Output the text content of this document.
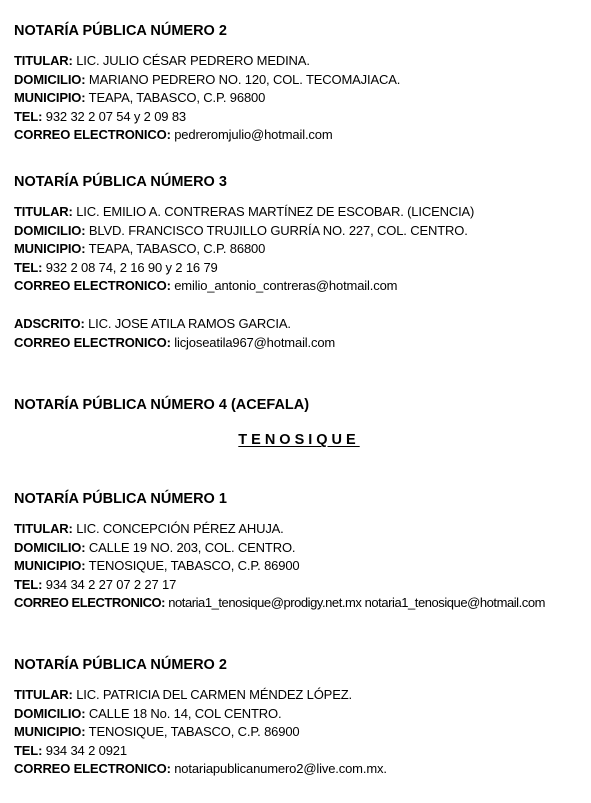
NOTARÍA PÚBLICA NÚMERO 2
TITULAR: LIC. JULIO CÉSAR PEDRERO MEDINA.
DOMICILIO: MARIANO PEDRERO NO. 120, COL. TECOMAJIACA.
MUNICIPIO: TEAPA, TABASCO, C.P. 96800
TEL: 932 32 2 07 54 y 2 09 83
CORREO ELECTRONICO: pedreromjulio@hotmail.com
NOTARÍA PÚBLICA NÚMERO 3
TITULAR: LIC. EMILIO A. CONTRERAS MARTÍNEZ DE ESCOBAR. (LICENCIA)
DOMICILIO: BLVD. FRANCISCO TRUJILLO GURRÍA NO. 227, COL. CENTRO.
MUNICIPIO: TEAPA, TABASCO, C.P. 86800
TEL: 932 2 08 74, 2 16 90 y 2 16 79
CORREO ELECTRONICO: emilio_antonio_contreras@hotmail.com
ADSCRITO: LIC. JOSE ATILA RAMOS GARCIA.
CORREO ELECTRONICO: licjoseatila967@hotmail.com
NOTARÍA PÚBLICA NÚMERO 4 (ACEFALA)
TENOSIQUE
NOTARÍA PÚBLICA NÚMERO 1
TITULAR: LIC. CONCEPCIÓN PÉREZ AHUJA.
DOMICILIO: CALLE 19 NO. 203, COL. CENTRO.
MUNICIPIO: TENOSIQUE, TABASCO, C.P. 86900
TEL: 934 34 2 27 07 2 27 17
CORREO ELECTRONICO: notaria1_tenosique@prodigy.net.mx notaria1_tenosique@hotmail.com
NOTARÍA PÚBLICA NÚMERO 2
TITULAR: LIC. PATRICIA DEL CARMEN MÉNDEZ LÓPEZ.
DOMICILIO: CALLE 18 No. 14, COL CENTRO.
MUNICIPIO: TENOSIQUE, TABASCO, C.P. 86900
TEL: 934 34 2 0921
CORREO ELECTRONICO: notariapublicanumero2@live.com.mx.
